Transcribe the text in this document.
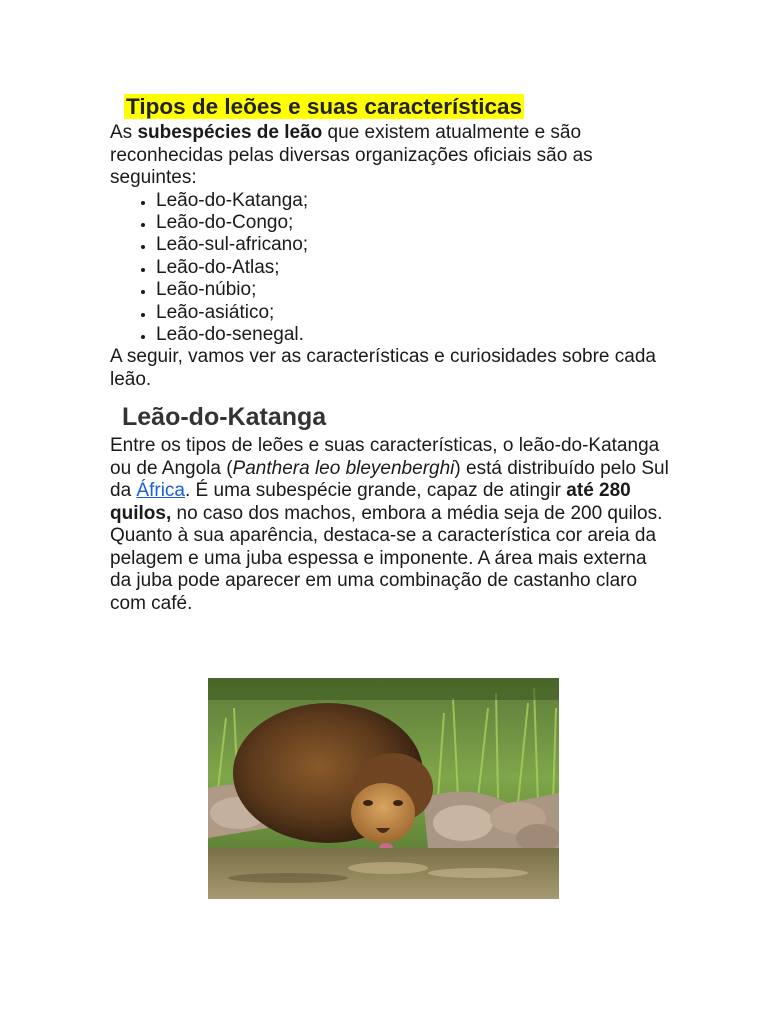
Tipos de leões e suas características

As subespécies de leão que existem atualmente e são reconhecidas pelas diversas organizações oficiais são as seguintes:

Leão-do-Katanga;
Leão-do-Congo;
Leão-sul-africano;
Leão-do-Atlas;
Leão-núbio;
Leão-asiático;
Leão-do-senegal.

A seguir, vamos ver as características e curiosidades sobre cada leão.

Leão-do-Katanga

Entre os tipos de leões e suas características, o leão-do-Katanga ou de Angola (Panthera leo bleyenberghi) está distribuído pelo Sul da África. É uma subespécie grande, capaz de atingir até 280 quilos, no caso dos machos, embora a média seja de 200 quilos.

Quanto à sua aparência, destaca-se a característica cor areia da pelagem e uma juba espessa e imponente. A área mais externa da juba pode aparecer em uma combinação de castanho claro com café.
